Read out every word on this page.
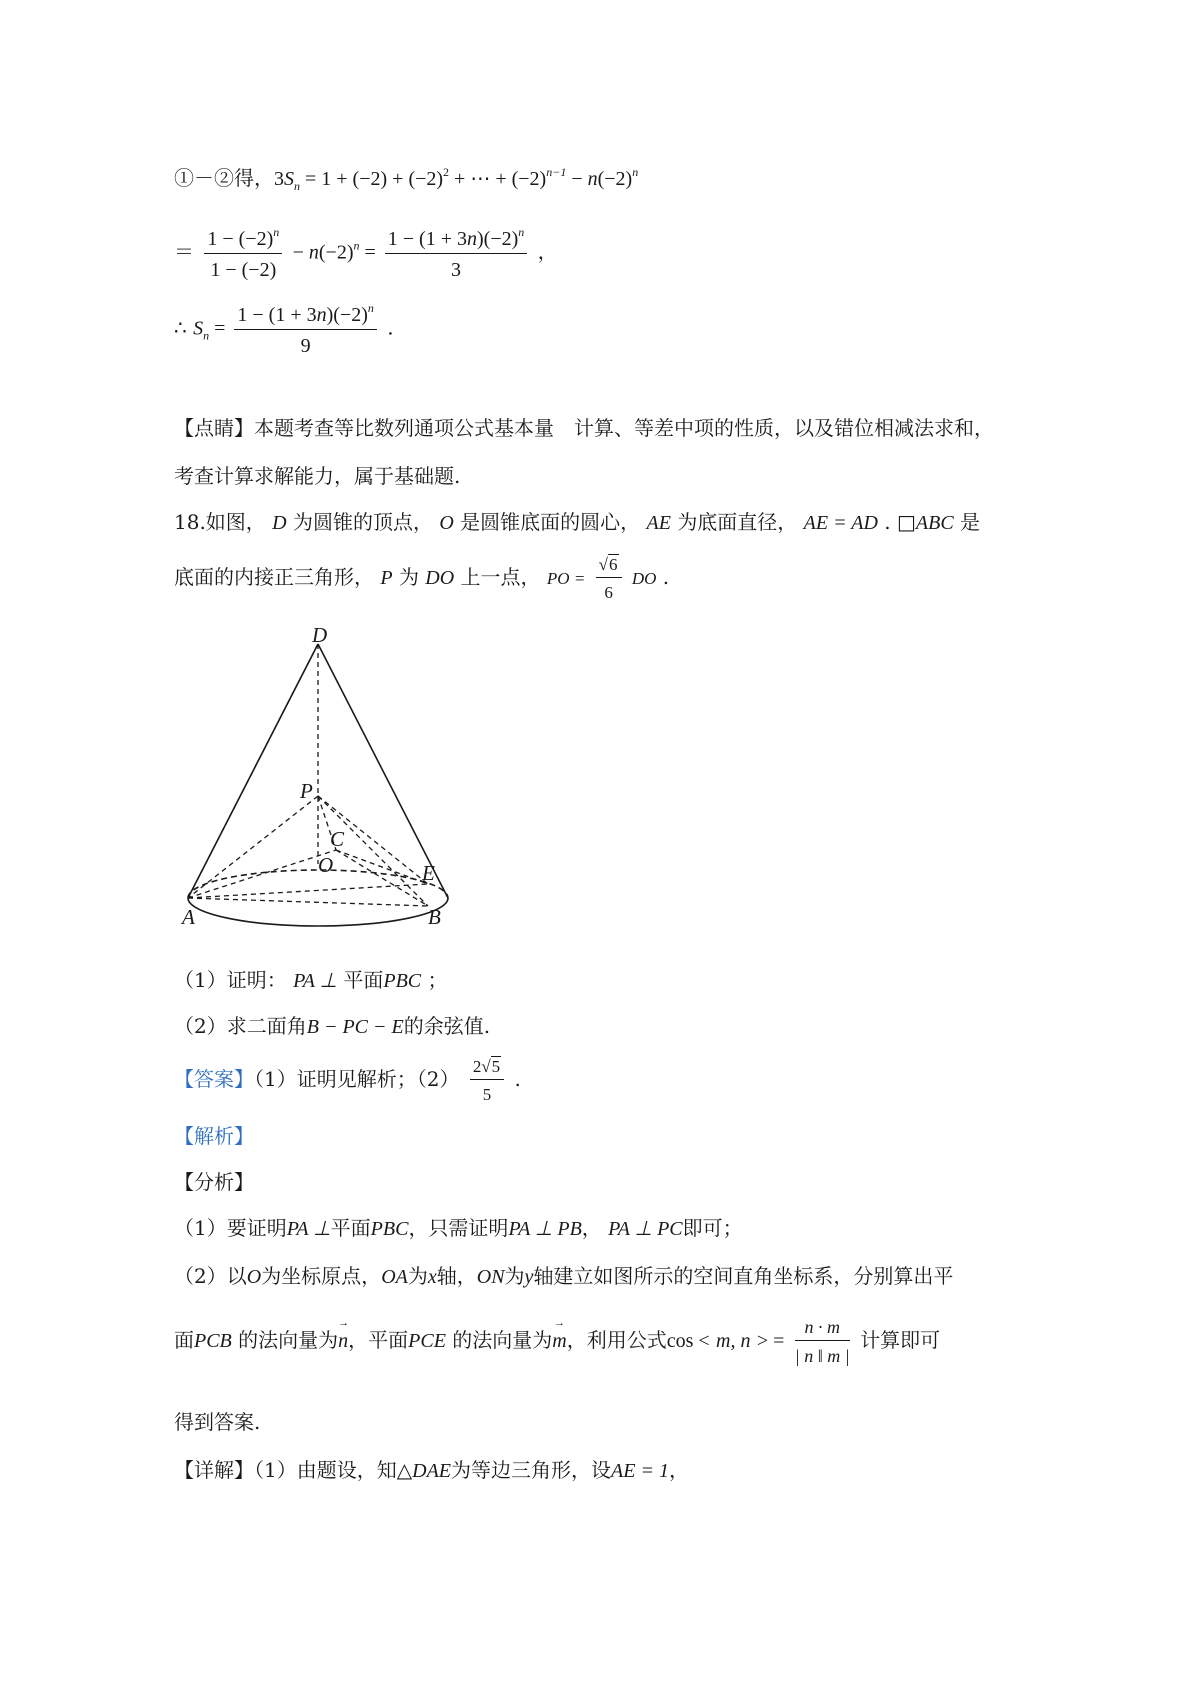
①－②得，$3S_n = 1 + (-2) + (-2)^2$ + ⋯ + $(-2)^{n-1} - n(-2)^n$
＝ $\frac{1 - (-2)^n}{1 - (-2)} - n(-2)^n = \frac{1 - (1 + 3n)(-2)^n}{3}$ ，
∴ $S_n = \frac{1 - (1 + 3n)(-2)^n}{9}$ .
【点睛】本题考查等比数列通项公式基本量　计算、等差中项的性质，以及错位相减法求和，
考查计算求解能力，属于基础题.
18.如图， D 为圆锥的顶点， O 是圆锥底面的圆心， AE 为底面直径， AE = AD . □ABC 是
底面的内接正三角形， P 为 DO 上一点， PO = $\frac{√6}{6}$ DO .
D
P
C
O	E
A	B
（1）证明： PA ⊥ 平面PBC ；
（2）求二面角B − PC − E的余弦值.
【答案】（1）证明见解析；$(2) \frac{2√5}{5}$ .
【解析】
【分析】
（1）要证明PA ⊥平面PBC，只需证明PA ⊥ PB， PA ⊥ PC即可；
（2）以O为坐标原点，OA为x轴，ON为y轴建立如图所示的空间直角坐标系，分别算出平
面PCB 的法向量为→ n，平面PCE 的法向量为→ m，利用公式cos < m, n > = $\frac{n \cdot m}{| n ‖ m |}$ 计算即可
得到答案.
【详解】（1）由题设，知△DAE为等边三角形，设AE = 1，
